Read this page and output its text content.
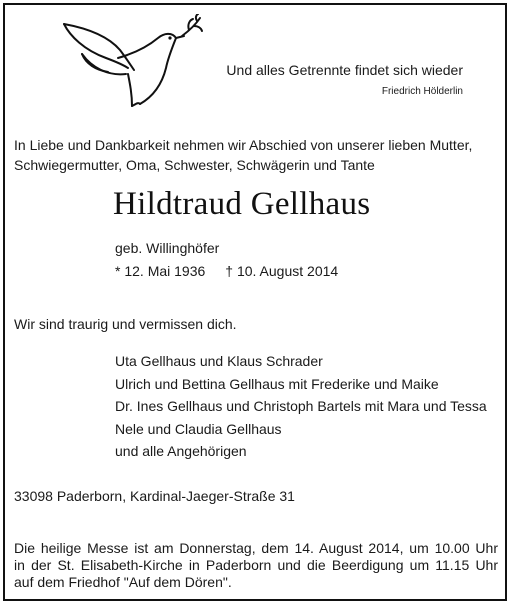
Und alles Getrennte findet sich wieder
Friedrich Hölderlin
In Liebe und Dankbarkeit nehmen wir Abschied von unserer lieben Mutter,
Schwiegermutter, Oma, Schwester, Schwägerin und Tante
Hildtraud Gellhaus
geb. Willinghöfer
* 12. Mai 1936 † 10. August 2014
Wir sind traurig und vermissen dich.
Uta Gellhaus und Klaus Schrader
Ulrich und Bettina Gellhaus mit Frederike und Maike
Dr. Ines Gellhaus und Christoph Bartels mit Mara und Tessa
Nele und Claudia Gellhaus
und alle Angehörigen
33098 Paderborn, Kardinal-Jaeger-Straße 31
Die heilige Messe ist am Donnerstag, dem 14. August 2014, um 10.00 Uhr
in der St. Elisabeth-Kirche in Paderborn und die Beerdigung um 11.15 Uhr
auf dem Friedhof "Auf dem Dören".
